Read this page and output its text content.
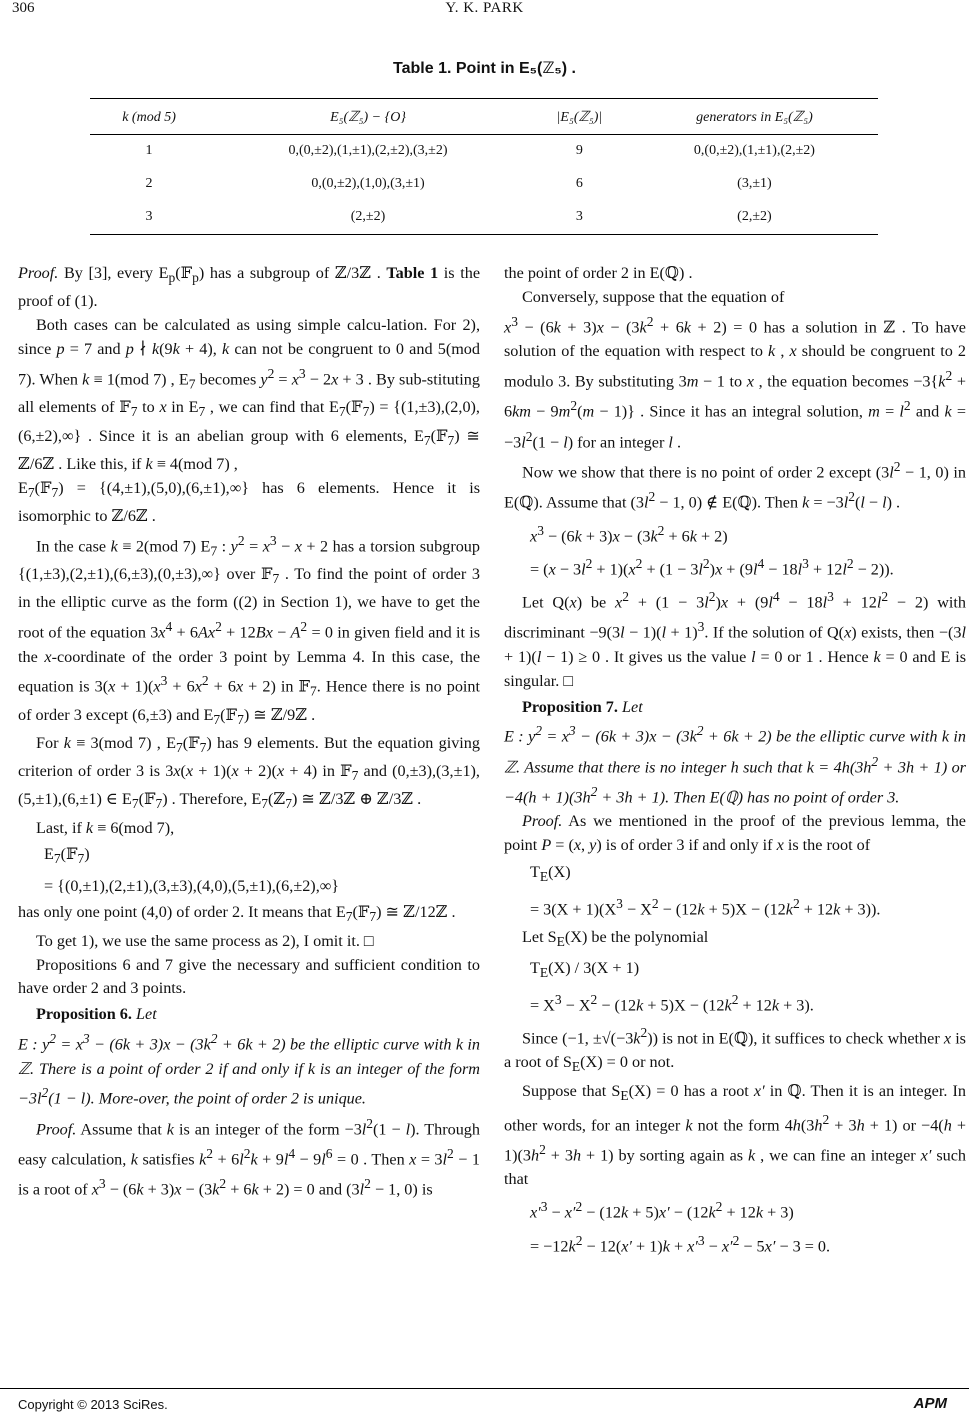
306	Y. K. PARK
Table 1. Point in E₅(ℤ₅) .
k (mod 5)	E₅(ℤ₅) − {O}	|E₅(ℤ₅)|	generators in E₅(ℤ₅)
1	0,(0,±2),(1,±1),(2,±2),(3,±2)	9	0,(0,±2),(1,±1),(2,±2)
2	0,(0,±2),(1,0),(3,±1)	6	(3,±1)
3	(2,±2)	3	(2,±2)

Proof. By [3], every $E_p(𝔽_p)$ has a subgroup of ℤ/3ℤ . Table 1 is the proof of (1).

Both cases can be calculated as using simple calcu-lation. For 2), since p = 7 and p ∤ k(9k + 4), k can not be congruent to 0 and 5(mod 7). When k ≡ 1(mod 7) , $E_7$ becomes $y^2 = x^3 - 2x + 3$ . By sub-stituting all elements of 𝔽$_7$ to x in $E_7$ , we can find that $E_7(𝔽_7) = \{(1,\pm 3),(2,0),(6,\pm 2),\infty\}$ . Since it is an abelian group with 6 elements, $E_7(𝔽_7)$ ≅ ℤ/6ℤ . Like this, if k ≡ 4(mod 7) ,

$E_7(𝔽_7) = \{(4,\pm 1),(5,0),(6,\pm 1),\infty\}$ has 6 elements. Hence it is isomorphic to ℤ/6ℤ .

In the case k ≡ 2(mod 7) $E_7$ : $y^2 = x^3 - x + 2$ has a torsion subgroup {(1,±3),(2,±1),(6,±3),(0,±3),∞} over 𝔽$_7$ . To find the point of order 3 in the elliptic curve as the form ((2) in Section 1), we have to get the root of the equation $3x^4 + 6Ax^2 + 12Bx - A^2 = 0$ in given field and it is the x-coordinate of the order 3 point by Lemma 4. In this case, the equation is $3(x + 1)(x^3 + 6x^2 + 6x + 2)$ in 𝔽$_7$. Hence there is no point of order 3 except (6,±3) and $E_7(𝔽_7)$ ≅ ℤ/9ℤ .

For k ≡ 3(mod 7) , $E_7(𝔽_7)$ has 9 elements. But the equation giving criterion of order 3 is 3x(x + 1)(x + 2)(x + 4) in 𝔽$_7$ and (0,±3),(3,±1),(5,±1),(6,±1) ∈ $E_7(𝔽_7)$ . Therefore, $E_7(ℤ_7)$ ≅ ℤ/3ℤ ⊕ ℤ/3ℤ .

Last, if k ≡ 6(mod 7),

$E_7(𝔽_7)$
= {(0,±1),(2,±1),(3,±3),(4,0),(5,±1),(6,±2),∞}

has only one point (4,0) of order 2. It means that $E_7(𝔽_7)$ ≅ ℤ/12ℤ .

To get 1), we use the same process as 2), I omit it. □

Propositions 6 and 7 give the necessary and sufficient condition to have order 2 and 3 points.

Proposition 6. Let

E : $y^2 = x^3 - (6k + 3)x - (3k^2 + 6k + 2)$ be the elliptic curve with k in ℤ. There is a point of order 2 if and only if k is an integer of the form $-3l^2(1 - l)$. More-over, the point of order 2 is unique.

Proof. Assume that k is an integer of the form $-3l^2(1 - l)$. Through easy calculation, k satisfies $k^2 + 6l^2k + 9l^4 - 9l^6 = 0$ . Then $x = 3l^2 - 1$ is a root of $x^3 - (6k + 3)x - (3k^2 + 6k + 2) = 0$ and ($3l^2 - 1$, 0) is

the point of order 2 in E(ℚ) .

Conversely, suppose that the equation of

$x^3 - (6k + 3)x - (3k^2 + 6k + 2) = 0$ has a solution in ℤ . To have solution of the equation with respect to k , x should be congruent to 2 modulo 3. By substituting 3m − 1 to x , the equation becomes $-3\{k^2 + 6km - 9m^2(m - 1)\}$ . Since it has an integral solution, $m = l^2$ and $k = -3l^2(1 - l)$ for an integer l .

Now we show that there is no point of order 2 except ($3l^2 - 1$, 0) in E(ℚ). Assume that ($3l^2 - 1$, 0) ∉ E(ℚ). Then $k = -3l^2(l - l)$ .

$x^3 - (6k + 3)x - (3k^2 + 6k + 2)$
= $(x - 3l^2 + 1)(x^2 + (1 - 3l^2)x + (9l^4 - 18l^3 + 12l^2 - 2))$.

Let Q(x) be $x^2 + (1 - 3l^2)x + (9l^4 - 18l^3 + 12l^2 - 2)$ with discriminant $-9(3l - 1)(l + 1)^3$. If the solution of Q(x) exists, then −(3l + 1)(l − 1) ≥ 0 . It gives us the value l = 0 or 1 . Hence k = 0 and E is singular. □

Proposition 7. Let

E : $y^2 = x^3 - (6k + 3)x - (3k^2 + 6k + 2)$ be the elliptic curve with k in ℤ. Assume that there is no integer h such that $k = 4h(3h^2 + 3h + 1)$ or $-4(h + 1)(3h^2 + 3h + 1)$. Then E(ℚ) has no point of order 3.

Proof. As we mentioned in the proof of the previous lemma, the point P = (x, y) is of order 3 if and only if x is the root of

$T_E(X)$
= $3(X + 1)(X^3 - X^2 - (12k + 5)X - (12k^2 + 12k + 3))$.

Let $S_E(X)$ be the polynomial

$T_E(X) / 3(X + 1)$
= $X^3 - X^2 - (12k + 5)X - (12k^2 + 12k + 3)$.

Since (−1, $\pm√(-3k^2)$) is not in E(ℚ), it suffices to check whether x is a root of $S_E(X) = 0$ or not.

Suppose that $S_E(X) = 0$ has a root x′ in ℚ. Then it is an integer. In other words, for an integer k not the form $4h(3h^2 + 3h + 1)$ or $-4(h + 1)(3h^2 + 3h + 1)$ by sorting again as k , we can fine an integer x′ such that

$x'^3 - x'^2 - (12k + 5)x' - (12k^2 + 12k + 3)$
= $-12k^2 - 12(x' + 1)k + x'^3 - x'^2 - 5x' - 3 = 0$.
Copyright © 2013 SciRes.	APM
